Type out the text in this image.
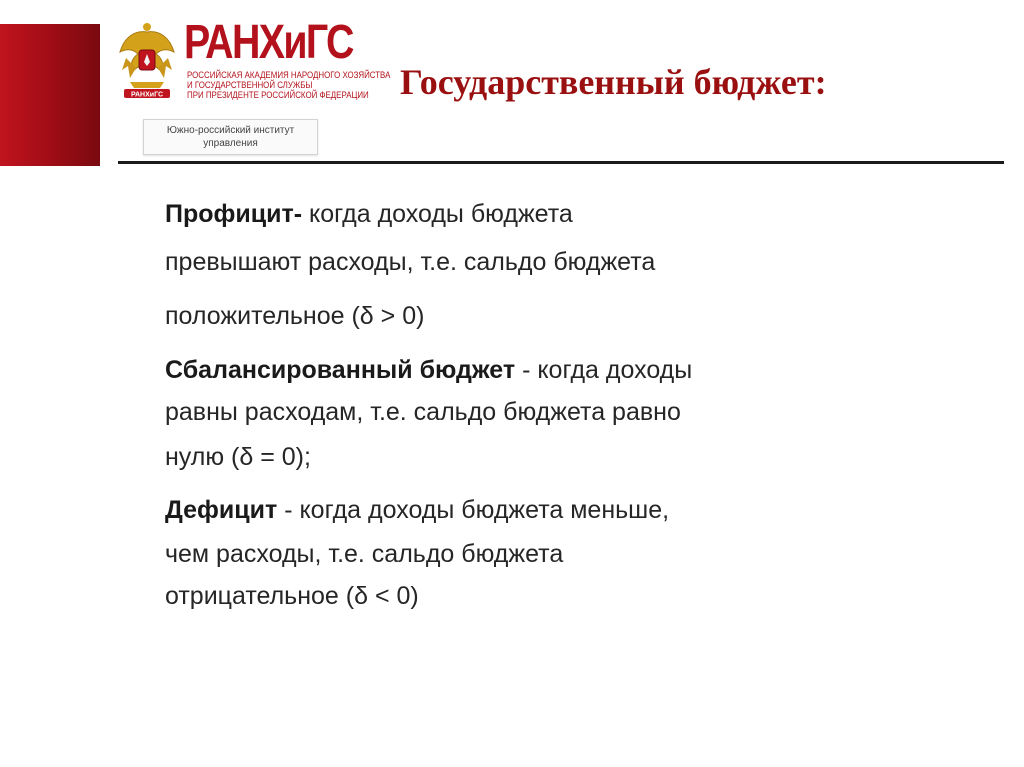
РАНХиГС
РАНХиГС
РОССИЙСКАЯ АКАДЕМИЯ НАРОДНОГО ХОЗЯЙСТВА
И ГОСУДАРСТВЕННОЙ СЛУЖБЫ
ПРИ ПРЕЗИДЕНТЕ РОССИЙСКОЙ ФЕДЕРАЦИИ
Южно-российский институт
управления
Государственный бюджет:
Профицит- когда доходы бюджета
превышают расходы, т.е. сальдо бюджета
положительное (δ > 0)
Сбалансированный бюджет - когда доходы
равны расходам, т.е. сальдо бюджета равно
нулю (δ = 0);
Дефицит - когда доходы бюджета меньше,
чем расходы, т.е. сальдо бюджета
отрицательное (δ < 0)
